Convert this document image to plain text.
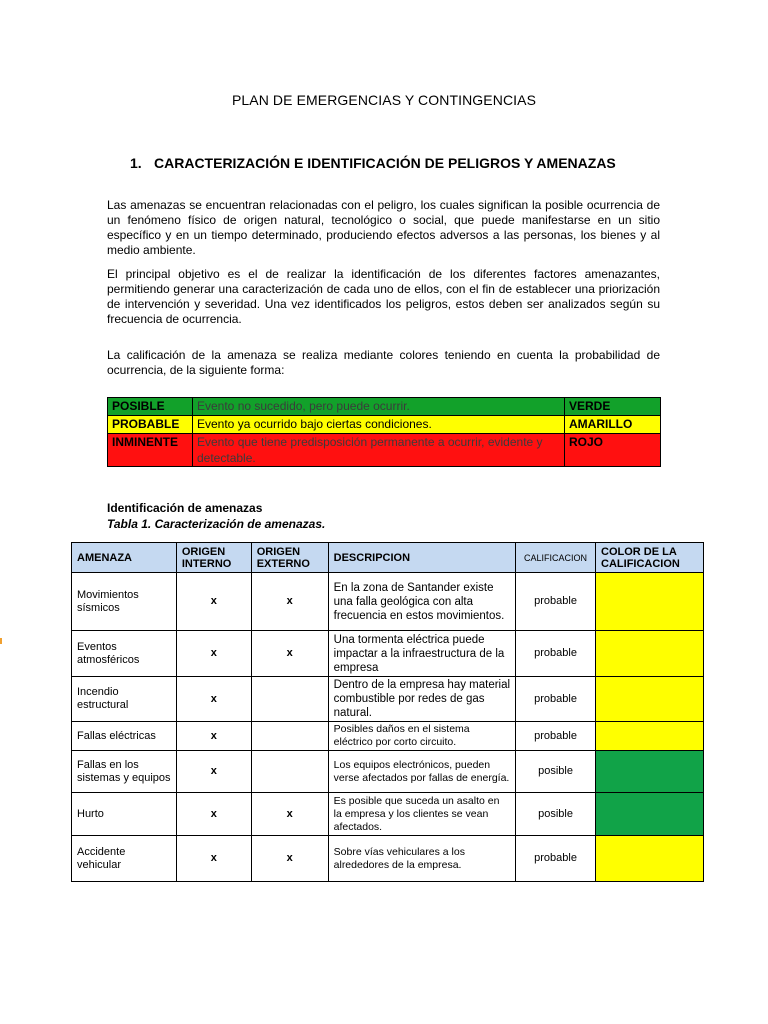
PLAN DE EMERGENCIAS Y CONTINGENCIAS
1. CARACTERIZACIÓN E IDENTIFICACIÓN DE PELIGROS Y AMENAZAS

Las amenazas se encuentran relacionadas con el peligro, los cuales significan la posible ocurrencia de un fenómeno físico de origen natural, tecnológico o social, que puede manifestarse en un sitio específico y en un tiempo determinado, produciendo efectos adversos a las personas, los bienes y al medio ambiente.

El principal objetivo es el de realizar la identificación de los diferentes factores amenazantes, permitiendo generar una caracterización de cada uno de ellos, con el fin de establecer una priorización de intervención y severidad. Una vez identificados los peligros, estos deben ser analizados según su frecuencia de ocurrencia.

La calificación de la amenaza se realiza mediante colores teniendo en cuenta la probabilidad de ocurrencia, de la siguiente forma:

POSIBLE	Evento no sucedido, pero puede ocurrir.	VERDE
PROBABLE	Evento ya ocurrido bajo ciertas condiciones.	AMARILLO
INMINENTE	Evento que tiene predisposición permanente a ocurrir, evidente y detectable.	ROJO
Identificación de amenazas
Tabla 1. Caracterización de amenazas.
AMENAZA	ORIGEN INTERNO	ORIGEN EXTERNO	DESCRIPCION	CALIFICACION	COLOR DE LA CALIFICACION
Movimientos sísmicos	x	x	En la zona de Santander existe una falla geológica con alta frecuencia en estos movimientos.	probable	
Eventos atmosféricos	x	x	Una tormenta eléctrica puede impactar a la infraestructura de la empresa	probable	
Incendio estructural	x		Dentro de la empresa hay material combustible por redes de gas natural.	probable	
Fallas eléctricas	x		Posibles daños en el sistema eléctrico por corto circuito.	probable	
Fallas en los sistemas y equipos	x		Los equipos electrónicos, pueden verse afectados por fallas de energía.	posible	
Hurto	x	x	Es posible que suceda un asalto en la empresa y los clientes se vean afectados.	posible	
Accidente vehicular	x	x	Sobre vías vehiculares a los alrededores de la empresa.	probable	
